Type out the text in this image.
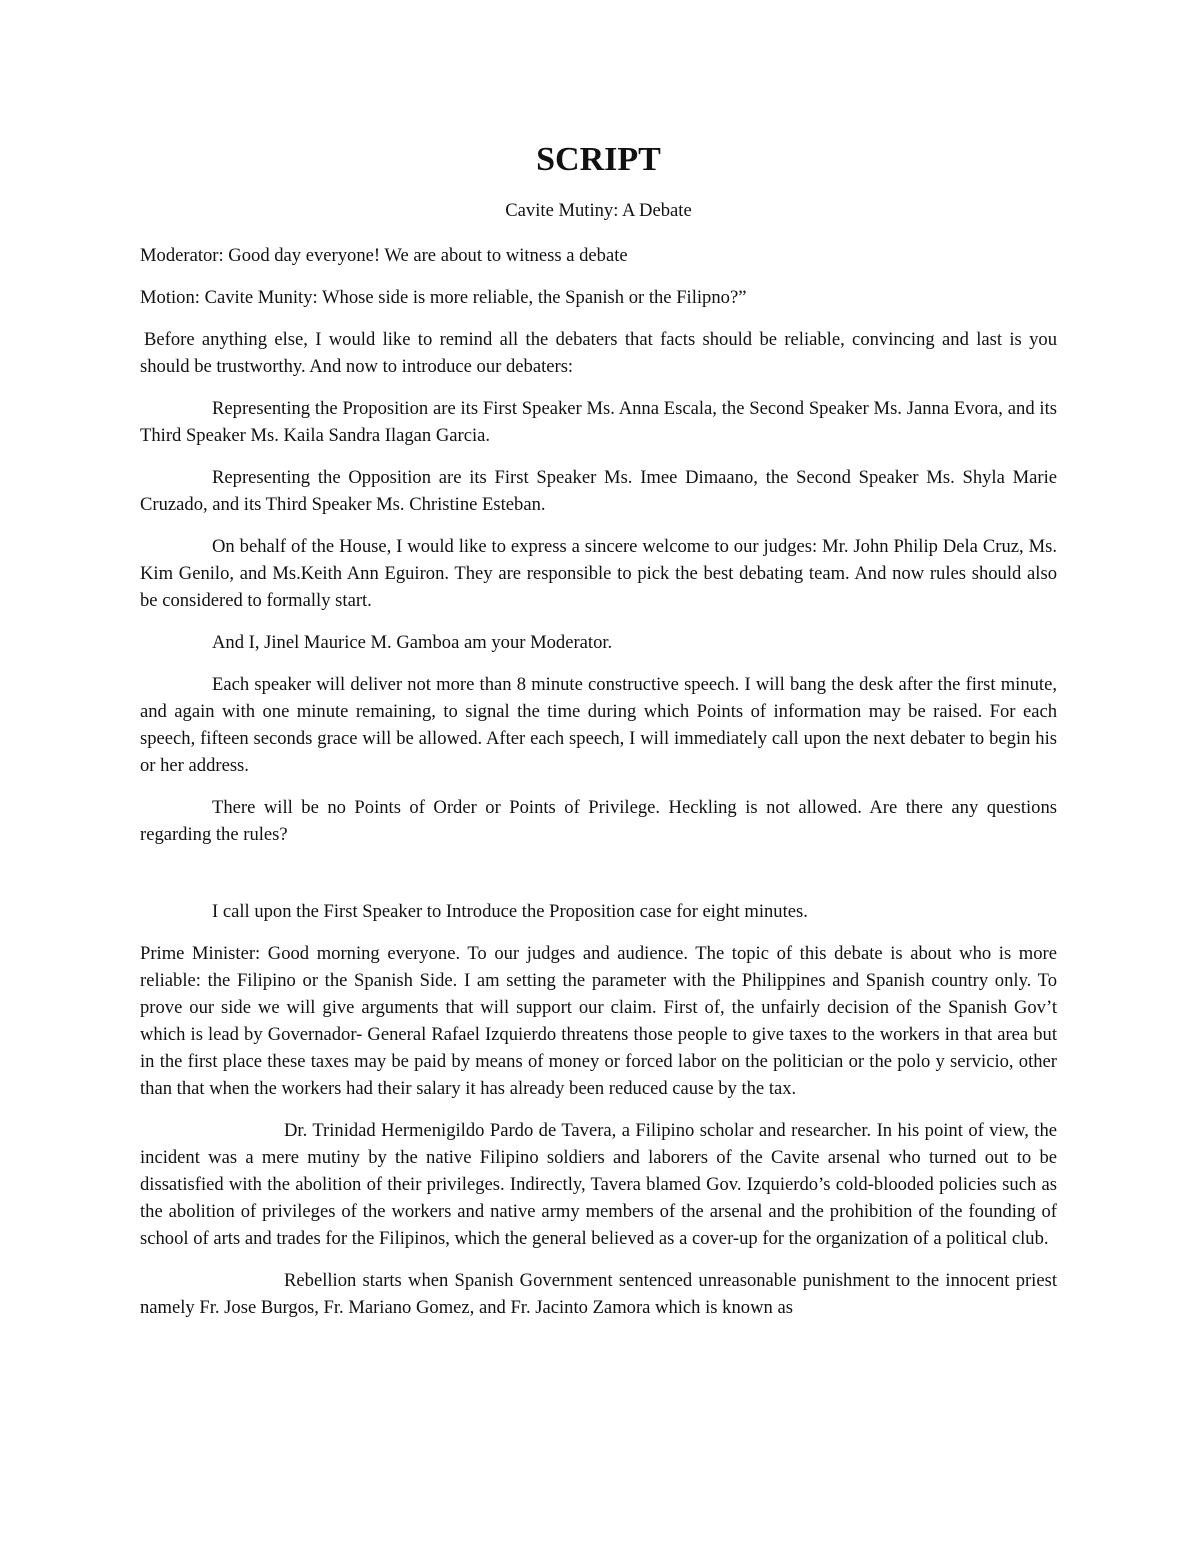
SCRIPT
Cavite Mutiny: A Debate

Moderator: Good day everyone! We are about to witness a debate

Motion: Cavite Munity: Whose side is more reliable, the Spanish or the Filipno?”

Before anything else, I would like to remind all the debaters that facts should be reliable, convincing and last is you should be trustworthy. And now to introduce our debaters:

Representing the Proposition are its First Speaker Ms. Anna Escala, the Second Speaker Ms. Janna Evora, and its Third Speaker Ms. Kaila Sandra Ilagan Garcia.

Representing the Opposition are its First Speaker Ms. Imee Dimaano, the Second Speaker Ms. Shyla Marie Cruzado, and its Third Speaker Ms. Christine Esteban.

On behalf of the House, I would like to express a sincere welcome to our judges: Mr. John Philip Dela Cruz, Ms. Kim Genilo, and Ms.Keith Ann Eguiron. They are responsible to pick the best debating team. And now rules should also be considered to formally start.

And I, Jinel Maurice M. Gamboa am your Moderator.

Each speaker will deliver not more than 8 minute constructive speech. I will bang the desk after the first minute, and again with one minute remaining, to signal the time during which Points of information may be raised. For each speech, fifteen seconds grace will be allowed. After each speech, I will immediately call upon the next debater to begin his or her address.

There will be no Points of Order or Points of Privilege. Heckling is not allowed. Are there any questions regarding the rules?

I call upon the First Speaker to Introduce the Proposition case for eight minutes.

Prime Minister: Good morning everyone. To our judges and audience. The topic of this debate is about who is more reliable: the Filipino or the Spanish Side. I am setting the parameter with the Philippines and Spanish country only. To prove our side we will give arguments that will support our claim. First of, the unfairly decision of the Spanish Gov’t which is lead by Governador- General Rafael Izquierdo threatens those people to give taxes to the workers in that area but in the first place these taxes may be paid by means of money or forced labor on the politician or the polo y servicio, other than that when the workers had their salary it has already been reduced cause by the tax.

Dr. Trinidad Hermenigildo Pardo de Tavera, a Filipino scholar and researcher. In his point of view, the incident was a mere mutiny by the native Filipino soldiers and laborers of the Cavite arsenal who turned out to be dissatisfied with the abolition of their privileges. Indirectly, Tavera blamed Gov. Izquierdo’s cold-blooded policies such as the abolition of privileges of the workers and native army members of the arsenal and the prohibition of the founding of school of arts and trades for the Filipinos, which the general believed as a cover-up for the organization of a political club.

Rebellion starts when Spanish Government sentenced unreasonable punishment to the innocent priest namely Fr. Jose Burgos, Fr. Mariano Gomez, and Fr. Jacinto Zamora which is known as
